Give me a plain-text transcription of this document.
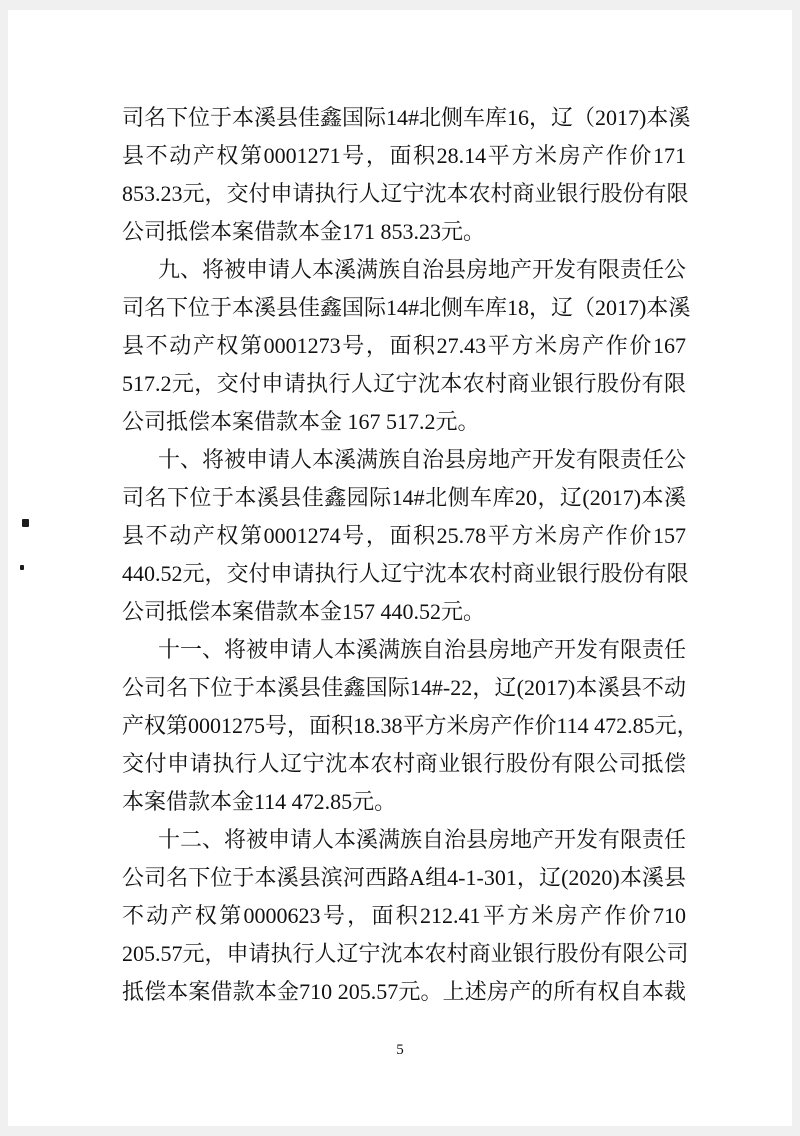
司名下位于本溪县佳鑫国际14#北侧车库16，辽（2017)本溪
县不动产权第0001271号，面积28.14平方米房产作价171
853.23元，交付申请执行人辽宁沈本农村商业银行股份有限
公司抵偿本案借款本金171 853.23元。
九、将被申请人本溪满族自治县房地产开发有限责任公
司名下位于本溪县佳鑫国际14#北侧车库18，辽（2017)本溪
县不动产权第0001273号，面积27.43平方米房产作价167
517.2元，交付申请执行人辽宁沈本农村商业银行股份有限
公司抵偿本案借款本金 167 517.2元。
十、将被申请人本溪满族自治县房地产开发有限责任公
司名下位于本溪县佳鑫园际14#北侧车库20，辽(2017)本溪
县不动产权第0001274号，面积25.78平方米房产作价157
440.52元，交付申请执行人辽宁沈本农村商业银行股份有限
公司抵偿本案借款本金157 440.52元。
十一、将被申请人本溪满族自治县房地产开发有限责任
公司名下位于本溪县佳鑫国际14#-22，辽(2017)本溪县不动
产权第0001275号，面积18.38平方米房产作价114 472.85元，
交付申请执行人辽宁沈本农村商业银行股份有限公司抵偿
本案借款本金114 472.85元。
十二、将被申请人本溪满族自治县房地产开发有限责任
公司名下位于本溪县滨河西路A组4-1-301，辽(2020)本溪县
不动产权第0000623号，面积212.41平方米房产作价710
205.57元，申请执行人辽宁沈本农村商业银行股份有限公司
抵偿本案借款本金710 205.57元。上述房产的所有权自本裁
5
